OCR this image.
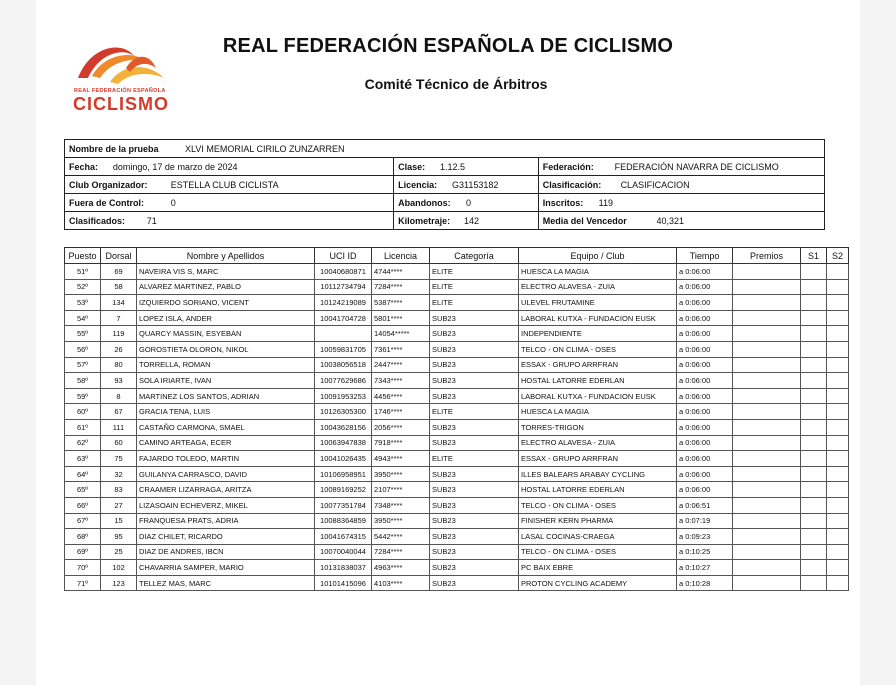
REAL FEDERACIÓN ESPAÑOLA
CICLISMO
REAL FEDERACIÓN ESPAÑOLA DE CICLISMO
Comité Técnico de Árbitros
Nombre de la prueba	XLVI MEMORIAL CIRILO ZUNZARREN
Fecha:	domingo, 17 de marzo de 2024	Clase:	1.12.5	Federación:	FEDERACIÓN NAVARRA DE CICLISMO
Club Organizador:	ESTELLA CLUB CICLISTA	Licencia:	G31153182	Clasificación:	CLASIFICACION
Fuera de Control:	0	Abandonos:	0	Inscritos:	119
Clasificados:	71	Kilometraje:	142	Media del Vencedor	40,321
Puesto	Dorsal	Nombre y Apellidos	UCI ID	Licencia	Categoría	Equipo / Club	Tiempo	Premios	S1	S2
51º	69	NAVEIRA VIS S, MARC	10040680871	4744****	ELITE	HUESCA LA MAGIA	a 0:06:00			
52º	58	ALVAREZ MARTINEZ, PABLO	10112734794	7284****	ELITE	ELECTRO ALAVESA - ZUIA	a 0:06:00			
53º	134	IZQUIERDO SORIANO, VICENT	10124219089	5387****	ELITE	ULEVEL FRUTAMINE	a 0:06:00			
54º	7	LOPEZ ISLA, ANDER	10041704728	5801****	SUB23	LABORAL KUTXA - FUNDACION EUSK	a 0:06:00			
55º	119	QUARCY MASSIN, ESYEBAN		14054*****	SUB23	INDEPENDIENTE	a 0:06:00			
56º	26	GOROSTIETA OLORON, NIKOL	10059831705	7361****	SUB23	TELCO - ON CLIMA - OSES	a 0:06:00			
57º	80	TORRELLA, ROMAN	10038056518	2447****	SUB23	ESSAX - GRUPO ARRFRAN	a 0:06:00			
58º	93	SOLA IRIARTE, IVAN	10077629686	7343****	SUB23	HOSTAL LATORRE EDERLAN	a 0:06:00			
59º	8	MARTINEZ LOS SANTOS, ADRIAN	10091953253	4456****	SUB23	LABORAL KUTXA - FUNDACION EUSK	a 0:06:00			
60º	67	GRACIA TENA, LUIS	10126305300	1746****	ELITE	HUESCA LA MAGIA	a 0:06:00			
61º	111	CASTAÑO CARMONA, SMAEL	10043628156	2056****	SUB23	TORRES-TRIGON	a 0:06:00			
62º	60	CAMINO ARTEAGA, ECER	10063947838	7918****	SUB23	ELECTRO ALAVESA - ZUIA	a 0:06:00			
63º	75	FAJARDO TOLEDO, MARTIN	10041026435	4943****	ELITE	ESSAX - GRUPO ARRFRAN	a 0:06:00			
64º	32	GUILANYA CARRASCO, DAVID	10106958951	3950****	SUB23	ILLES BALEARS ARABAY CYCLING	a 0:06:00			
65º	83	CRAAMER LIZARRAGA, ARITZA	10089169252	2107****	SUB23	HOSTAL LATORRE EDERLAN	a 0:06:00			
66º	27	LIZASOAIN ECHEVERZ, MIKEL	10077351784	7348****	SUB23	TELCO - ON CLIMA - OSES	a 0:06:51			
67º	15	FRANQUESA PRATS, ADRIA	10088364859	3950****	SUB23	FINISHER KERN PHARMA	a 0:07:19			
68º	95	DIAZ CHILET, RICARDO	10041674315	5442****	SUB23	LASAL COCINAS-CRAEGA	a 0:09:23			
69º	25	DIAZ DE ANDRES, IBCN	10070040044	7284****	SUB23	TELCO - ON CLIMA - OSES	a 0:10:25			
70º	102	CHAVARRIA SAMPER, MARIO	10131838037	4963****	SUB23	PC BAIX EBRE	a 0:10:27			
71º	123	TELLEZ MAS, MARC	10101415096	4103****	SUB23	PROTON CYCLING ACADEMY	a 0:10:28			
